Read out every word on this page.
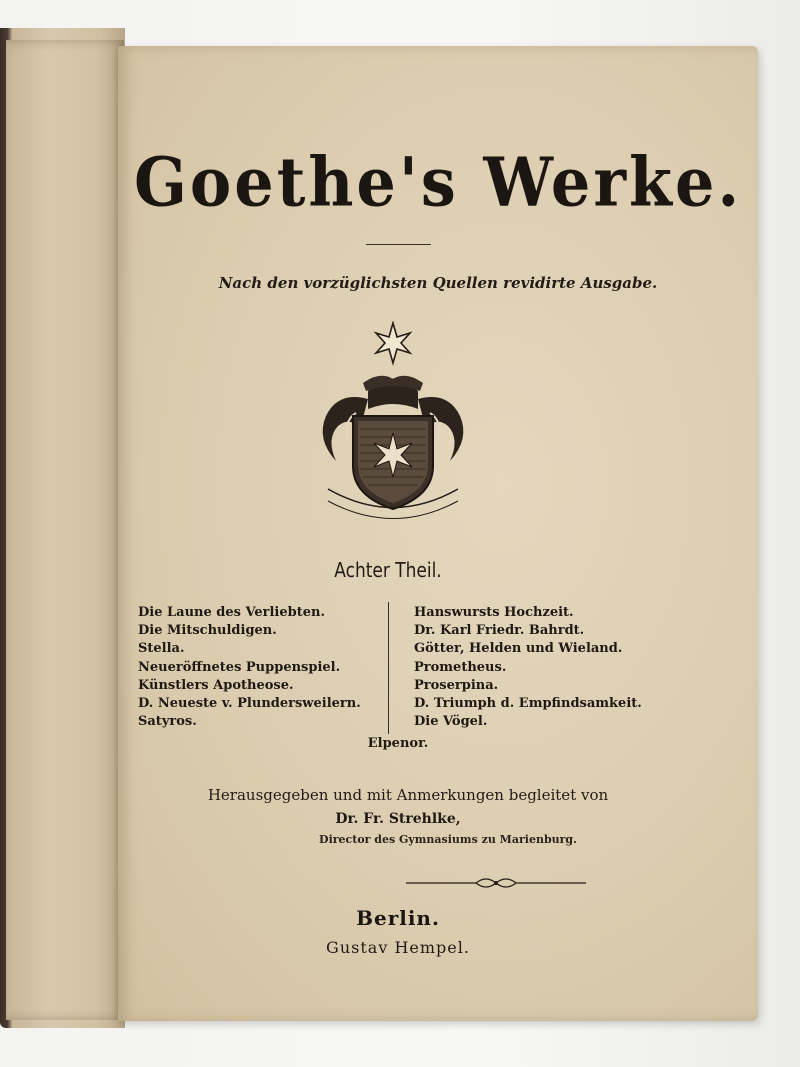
Goethe's Werke.
Nach den vorzüglichsten Quellen revidirte Ausgabe.
Achter Theil.
Die Laune des Verliebten.
Die Mitschuldigen.
Stella.
Neueröffnetes Puppenspiel.
Künstlers Apotheose.
D. Neueste v. Plundersweilern.
Satyros.
Hanswursts Hochzeit.
Dr. Karl Friedr. Bahrdt.
Götter, Helden und Wieland.
Prometheus.
Proserpina.
D. Triumph d. Empfindsamkeit.
Die Vögel.
Elpenor.
Herausgegeben und mit Anmerkungen begleitet von
Dr. Fr. Strehlke,
Director des Gymnasiums zu Marienburg.
Berlin.
Gustav Hempel.
